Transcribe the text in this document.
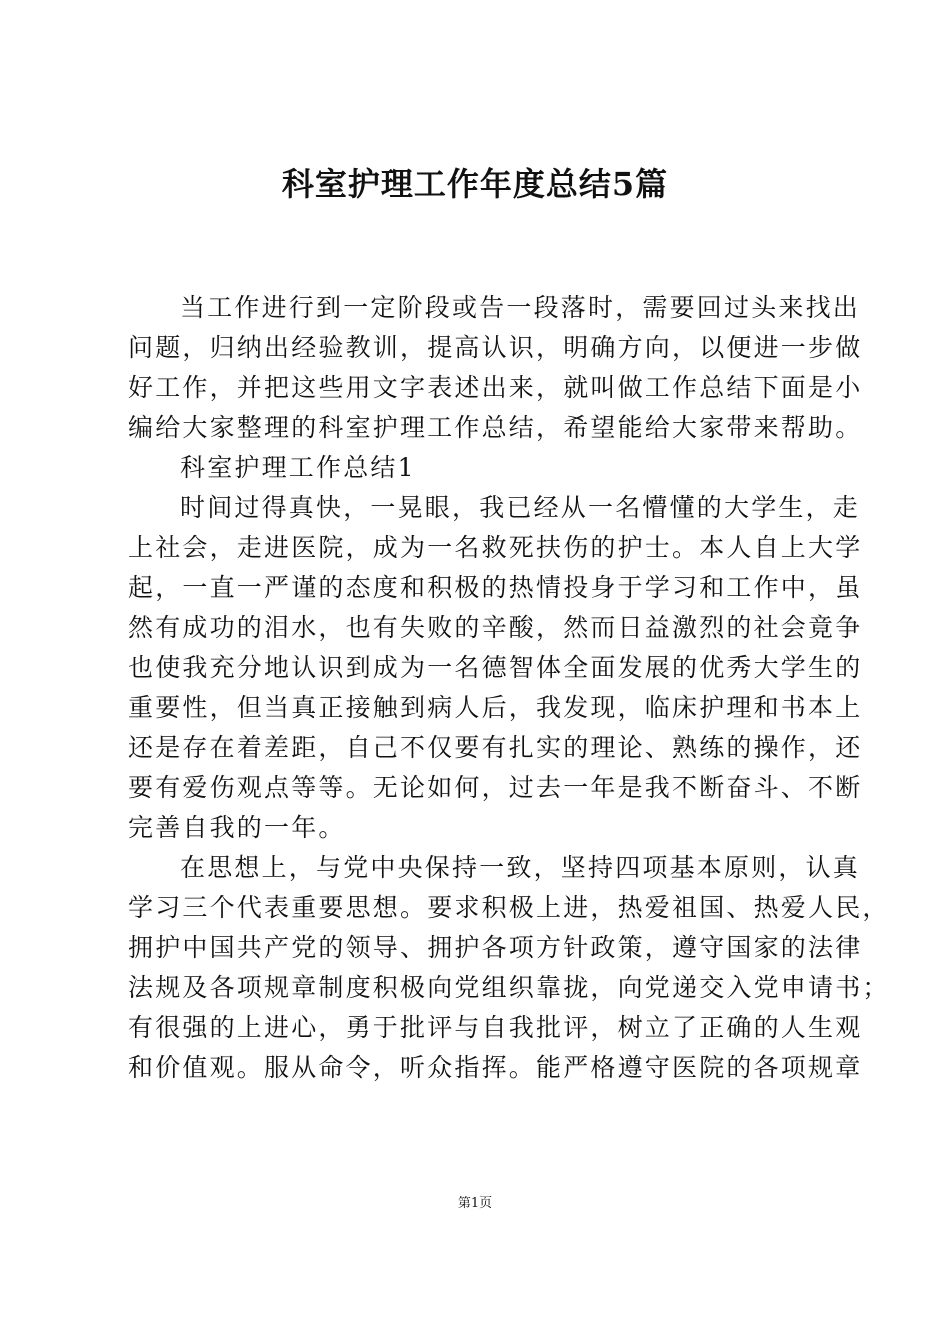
科室护理工作年度总结5篇
当工作进行到一定阶段或告一段落时，需要回过头来找出
问题，归纳出经验教训，提高认识，明确方向，以便进一步做
好工作，并把这些用文字表述出来，就叫做工作总结下面是小
编给大家整理的科室护理工作总结，希望能给大家带来帮助。
科室护理工作总结1
时间过得真快，一晃眼，我已经从一名懵懂的大学生，走
上社会，走进医院，成为一名救死扶伤的护士。本人自上大学
起，一直一严谨的态度和积极的热情投身于学习和工作中，虽
然有成功的泪水，也有失败的辛酸，然而日益激烈的社会竟争
也使我充分地认识到成为一名德智体全面发展的优秀大学生的
重要性，但当真正接触到病人后，我发现，临床护理和书本上
还是存在着差距，自己不仅要有扎实的理论、熟练的操作，还
要有爱伤观点等等。无论如何，过去一年是我不断奋斗、不断
完善自我的一年。
在思想上，与党中央保持一致，坚持四项基本原则，认真
学习三个代表重要思想。要求积极上进，热爱祖国、热爱人民，
拥护中国共产党的领导、拥护各项方针政策，遵守国家的法律
法规及各项规章制度积极向党组织靠拢，向党递交入党申请书；
有很强的上进心，勇于批评与自我批评，树立了正确的人生观
和价值观。服从命令，听众指挥。能严格遵守医院的各项规章
第1页
